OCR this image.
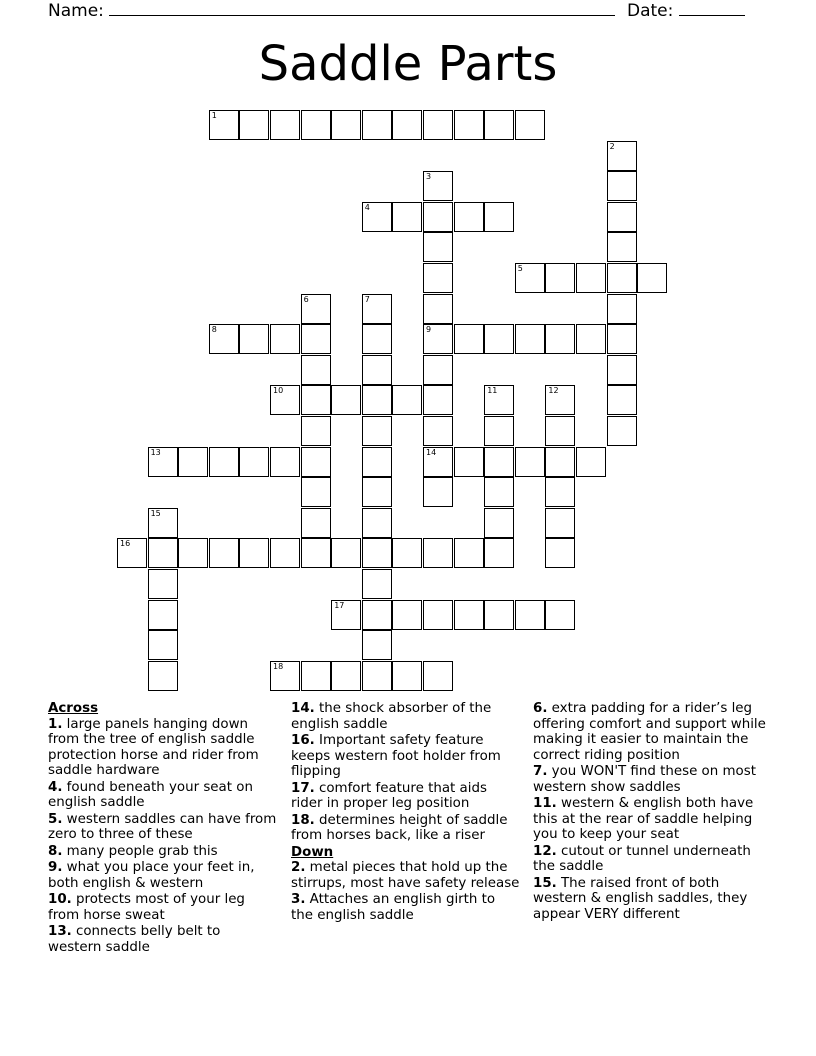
Name:	Date:
Saddle Parts
1
2
3
9
14
4
5
6	7
8
10	11	12
13
15
16
17
18
Across
1. large panels hanging down from the tree of english saddle protection horse and rider from saddle hardware
4. found beneath your seat on english saddle
5. western saddles can have from zero to three of these
8. many people grab this
9. what you place your feet in, both english & western
10. protects most of your leg from horse sweat
13. connects belly belt to western saddle
14. the shock absorber of the english saddle
16. Important safety feature keeps western foot holder from flipping
17. comfort feature that aids rider in proper leg position
18. determines height of saddle from horses back, like a riser
Down
2. metal pieces that hold up the stirrups, most have safety release
3. Attaches an english girth to the english saddle
6. extra padding for a rider’s leg offering comfort and support while making it easier to maintain the correct riding position
7. you WON'T find these on most western show saddles
11. western & english both have this at the rear of saddle helping you to keep your seat
12. cutout or tunnel underneath the saddle
15. The raised front of both western & english saddles, they appear VERY different
